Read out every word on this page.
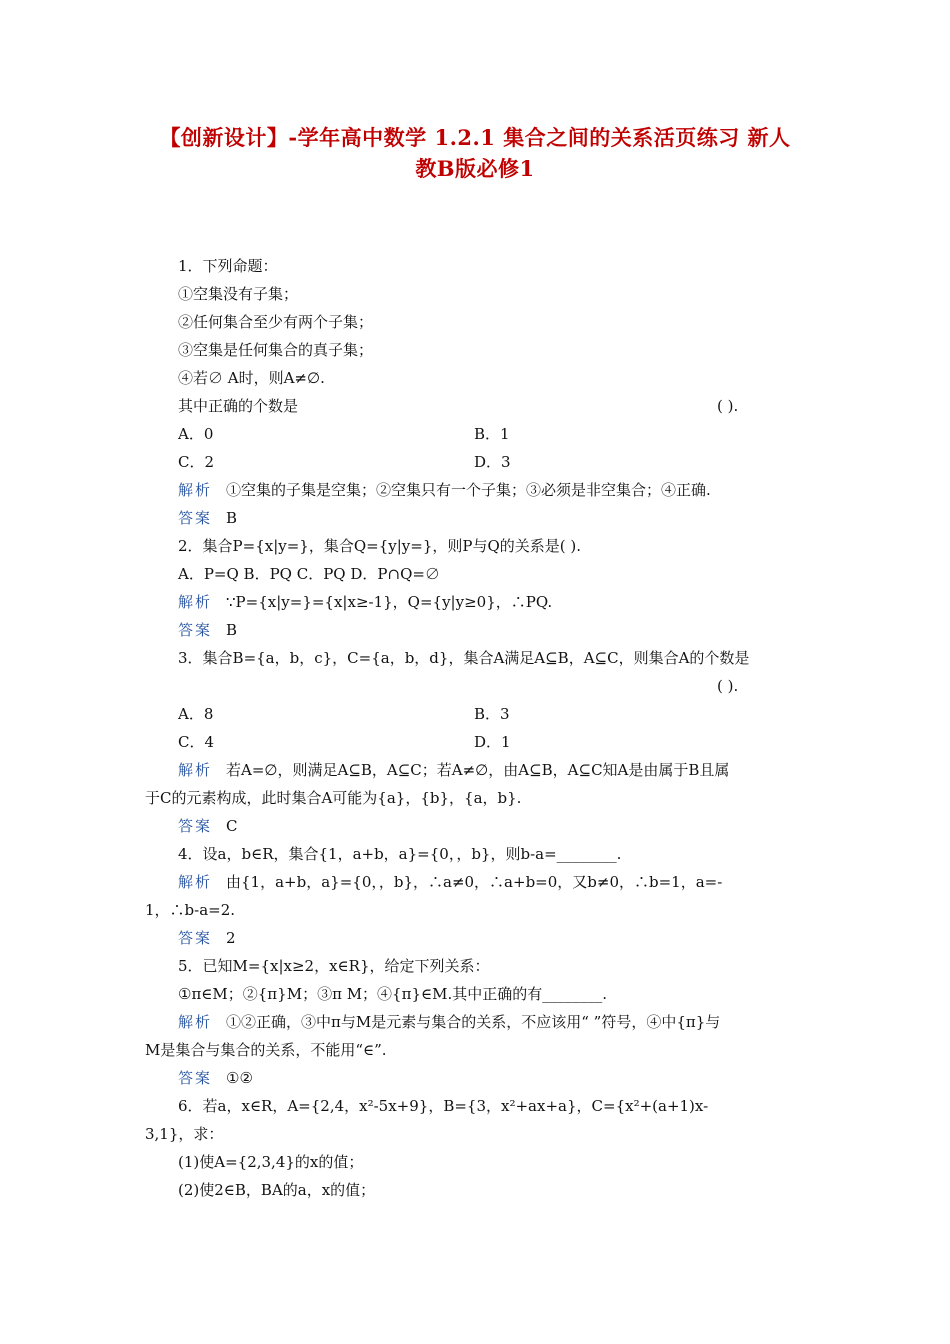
【创新设计】-学年高中数学 1.2.1 集合之间的关系活页练习 新人
教B版必修1
1．下列命题：
①空集没有子集；
②任何集合至少有两个子集；
③空集是任何集合的真子集；
④若∅ A时，则A≠∅.
其中正确的个数是	( ).
A．0	B．1
C．2	D．3
解析 ①空集的子集是空集；②空集只有一个子集；③必须是非空集合；④正确.
答案 B
2．集合P={x|y=}，集合Q={y|y=}，则P与Q的关系是( ).
A．P=Q B．PQ C．PQ D．P∩Q=∅
解析 ∵P={x|y=}={x|x≥-1}，Q={y|y≥0}，∴PQ.
答案 B
3．集合B={a，b，c}，C={a，b，d}，集合A满足A⊆B，A⊆C，则集合A的个数是
( ).
A．8	B．3
C．4	D．1
解析 若A=∅，则满足A⊆B，A⊆C；若A≠∅，由A⊆B，A⊆C知A是由属于B且属
于C的元素构成，此时集合A可能为{a}，{b}，{a，b}.
答案 C
4．设a，b∈R，集合{1，a+b，a}={0，，b}，则b-a=________.
解析 由{1，a+b，a}={0，，b}，∴a≠0，∴a+b=0，又b≠0，∴b=1，a=-
1，∴b-a=2.
答案 2
5．已知M={x|x≥2，x∈R}，给定下列关系：
①π∈M；②{π}M；③π M；④{π}∈M.其中正确的有________.
解析 ①②正确，③中π与M是元素与集合的关系，不应该用“ ”符号，④中{π}与
M是集合与集合的关系，不能用“∈”.
答案 ①②
6．若a，x∈R，A={2,4，x²-5x+9}，B={3，x²+ax+a}，C={x²+(a+1)x-
3,1}，求：
(1)使A={2,3,4}的x的值；
(2)使2∈B，BA的a，x的值；
